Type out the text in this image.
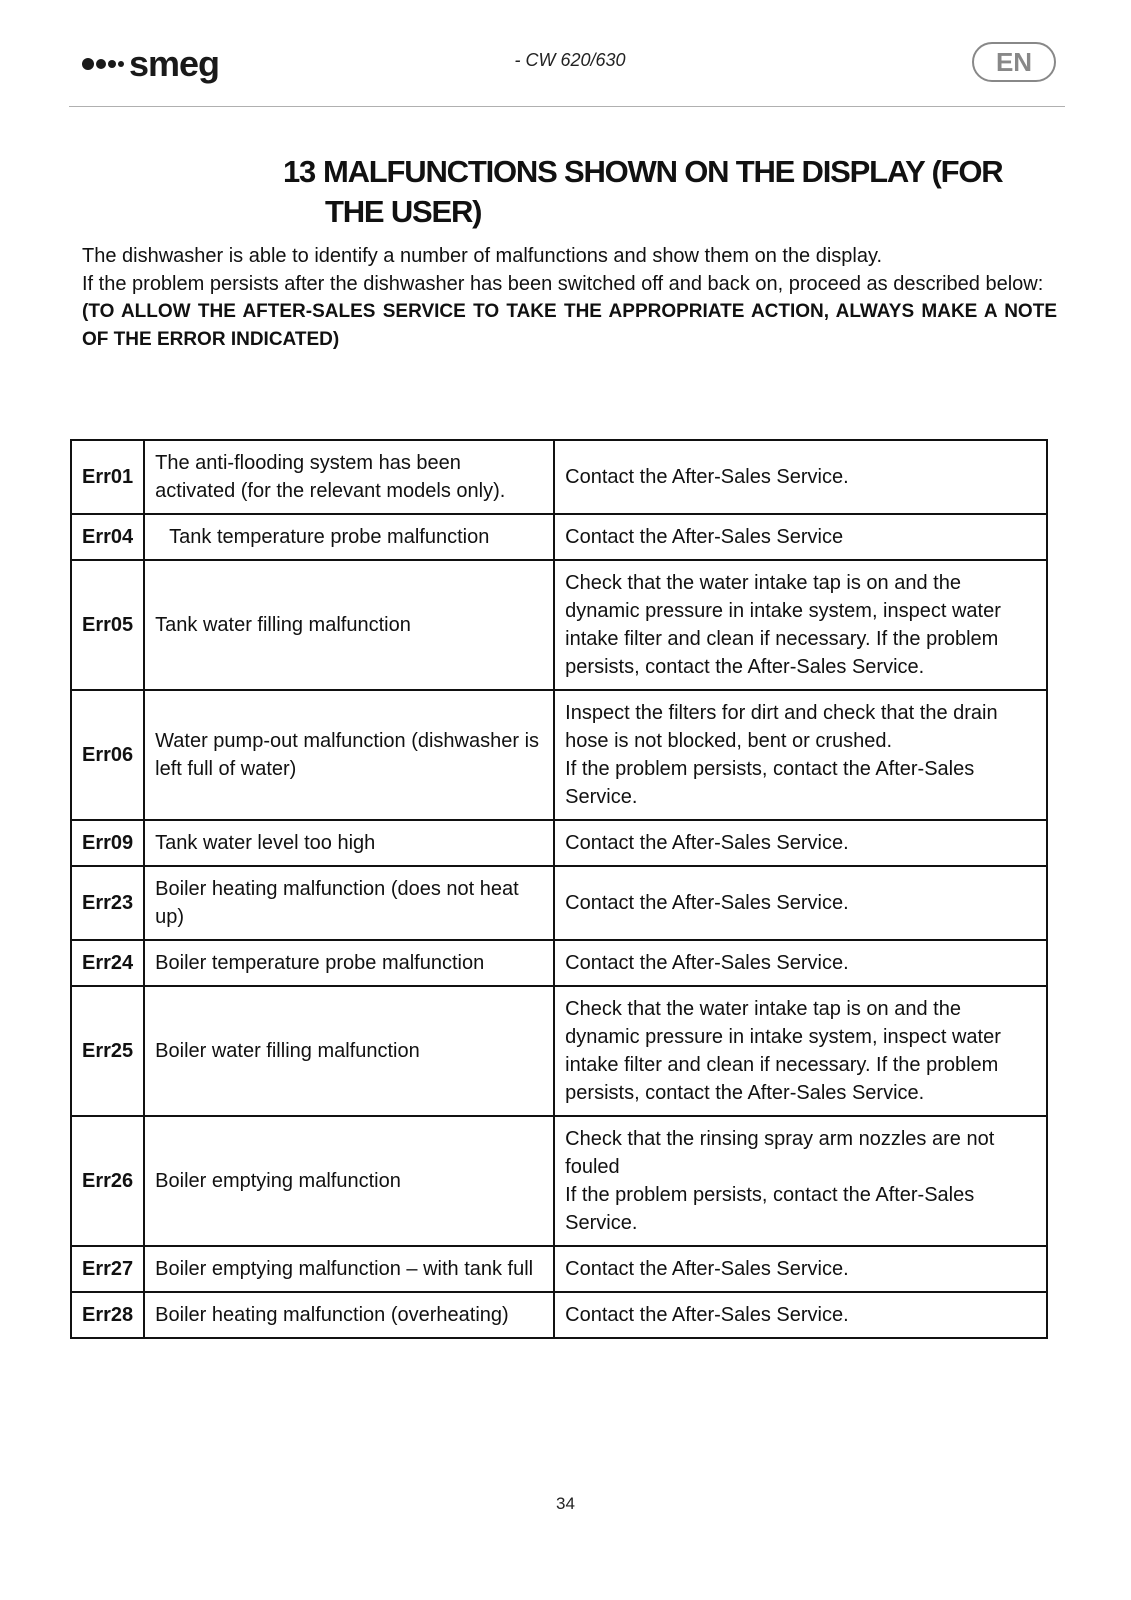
smeg	- CW 620/630	EN
13 MALFUNCTIONS SHOWN ON THE DISPLAY (FOR
THE USER)

The dishwasher is able to identify a number of malfunctions and show them on the display.

If the problem persists after the dishwasher has been switched off and back on, proceed as described below:

(TO ALLOW THE AFTER-SALES SERVICE TO TAKE THE APPROPRIATE ACTION, ALWAYS MAKE A NOTE OF THE ERROR INDICATED)

Err01	The anti-flooding system has been activated (for the relevant models only).	Contact the After-Sales Service.

Err04	Tank temperature probe malfunction	Contact the After-Sales Service

Err05	Tank water filling malfunction	Check that the water intake tap is on and the dynamic pressure in intake system, inspect water intake filter and clean if necessary. If the problem persists, contact the After-Sales Service.

Err06	Water pump-out malfunction (dishwasher is left full of water)	Inspect the filters for dirt and check that the drain hose is not blocked, bent or crushed.
If the problem persists, contact the After-Sales Service.

Err09	Tank water level too high	Contact the After-Sales Service.

Err23	Boiler heating malfunction (does not heat up)	Contact the After-Sales Service.

Err24	Boiler temperature probe malfunction	Contact the After-Sales Service.

Err25	Boiler water filling malfunction	Check that the water intake tap is on and the dynamic pressure in intake system, inspect water intake filter and clean if necessary. If the problem persists, contact the After-Sales Service.

Err26	Boiler emptying malfunction	Check that the rinsing spray arm nozzles are not fouled
If the problem persists, contact the After-Sales Service.

Err27	Boiler emptying malfunction – with tank full	Contact the After-Sales Service.

Err28	Boiler heating malfunction (overheating)	Contact the After-Sales Service.
34
